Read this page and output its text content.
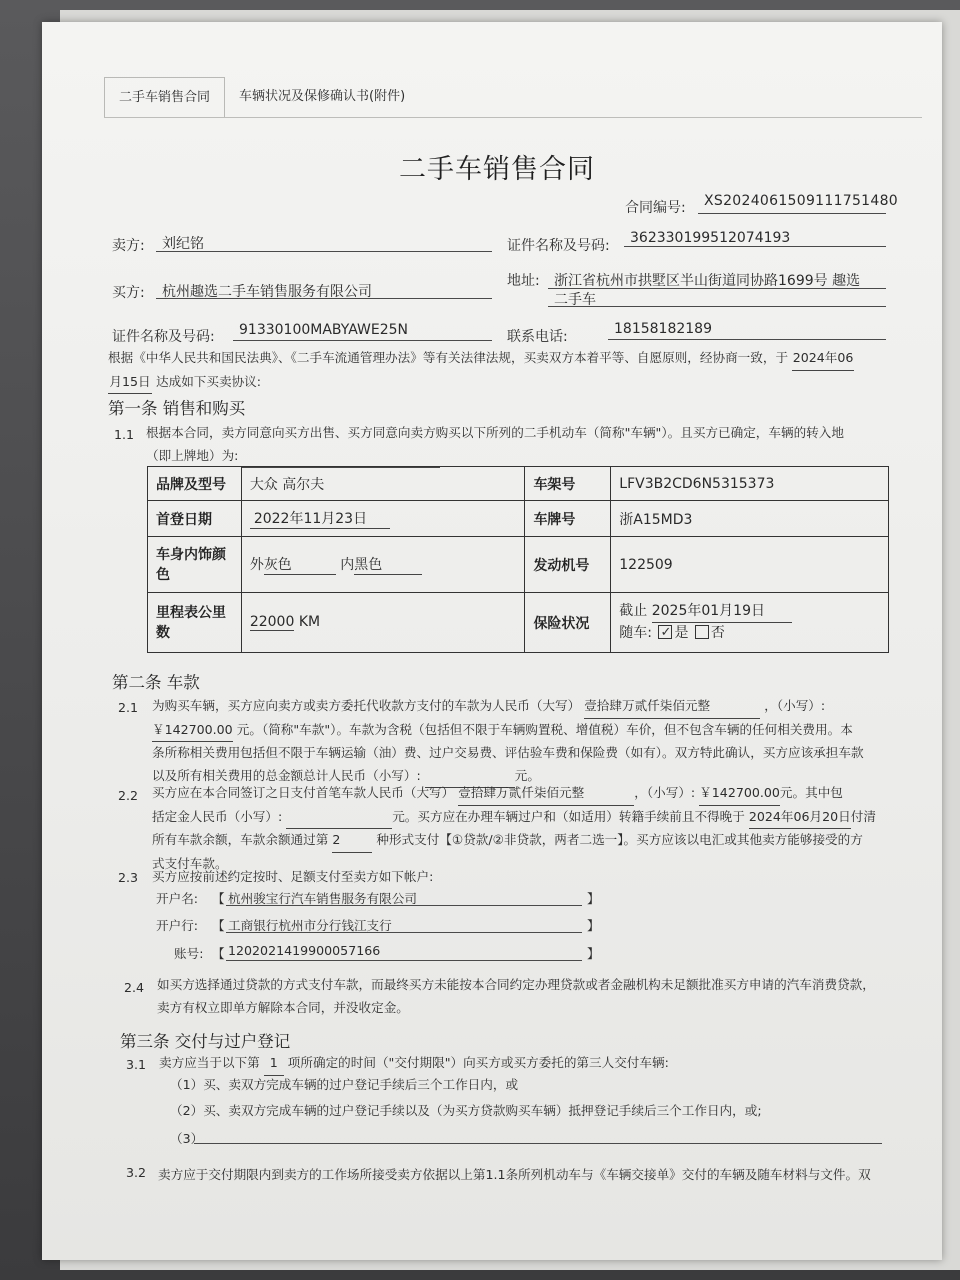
二手车销售合同	车辆状况及保修确认书(附件)
二手车销售合同
合同编号: XS2024061509111751480
卖方: 刘纪铭	证件名称及号码: 362330199512074193
买方: 杭州趣选二手车销售服务有限公司
地址: 浙江省杭州市拱墅区半山街道同协路1699号 趣选
二手车
证件名称及号码: 91330100MABYAWE25N	联系电话:	18158182189
根据《中华人民共和国民法典》、《二手车流通管理办法》等有关法律法规，买卖双方本着平等、自愿原则，经协商一致，于 2024年06
月15日 达成如下买卖协议:
第一条 销售和购买
1.1 根据本合同，卖方同意向买方出售、买方同意向卖方购买以下所列的二手机动车（简称"车辆"）。且买方已确定，车辆的转入地
（即上牌地）为:
品牌及型号	大众 高尔夫	车架号	LFV3B2CD6N5315373
首登日期	2022年11月23日	车牌号	浙A15MD3
车身内饰颜色	外灰色 内黑色	发动机号	122509
里程表公里数	22000 KM	保险状况	截止 2025年01月19日
随车: ✓ 是 否
第二条 车款
2.1 为购买车辆，买方应向卖方或卖方委托代收款方支付的车款为人民币（大写） 壹拾肆万贰仟柒佰元整	，（小写）:
￥142700.00 元。（简称"车款"）。车款为含税（包括但不限于车辆购置税、增值税）车价，但不包含车辆的任何相关费用。本
条所称相关费用包括但不限于车辆运输（油）费、过户交易费、评估验车费和保险费（如有）。双方特此确认，买方应该承担车款
以及所有相关费用的总金额总计人民币（小写）:	元。
2.2 买方应在本合同签订之日支付首笔车款人民币（大写） 壹拾肆万贰仟柒佰元整	，（小写）: ￥142700.00元。其中包
括定金人民币（小写）:	元。买方应在办理车辆过户和（如适用）转籍手续前且不得晚于 2024年06月20日付清
所有车款余额，车款余额通过第 2	种形式支付【①贷款/②非贷款，两者二选一】。买方应该以电汇或其他卖方能够接受的方
式支付车款。
2.3 买方应按前述约定按时、足额支付至卖方如下帐户:
开户名: 【 杭州骏宝行汽车销售服务有限公司	】
开户行: 【 工商银行杭州市分行钱江支行	】
账号: 【 1202021419900057166	】
2.4 如买方选择通过贷款的方式支付车款，而最终买方未能按本合同约定办理贷款或者金融机构未足额批准买方申请的汽车消费贷款，
卖方有权立即单方解除本合同，并没收定金。
第三条 交付与过户登记
3.1 卖方应当于以下第 1 项所确定的时间（"交付期限"）向买方或买方委托的第三人交付车辆:
（1）买、卖双方完成车辆的过户登记手续后三个工作日内，或
（2）买、卖双方完成车辆的过户登记手续以及（为买方贷款购买车辆）抵押登记手续后三个工作日内，或;
（3）
3.2 卖方应于交付期限内到卖方的工作场所接受卖方依据以上第1.1条所列机动车与《车辆交接单》交付的车辆及随车材料与文件。双
